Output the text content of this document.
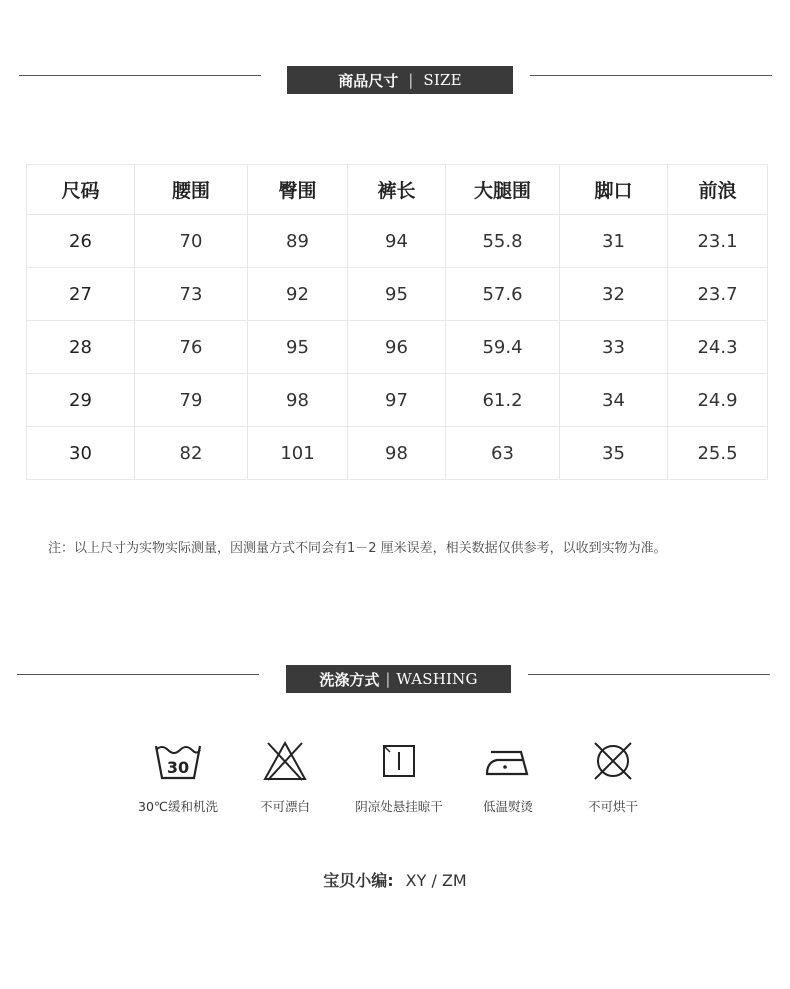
商品尺寸 | SIZE
尺码	腰围	臀围	裤长	大腿围	脚口	前浪
26	70	89	94	55.8	31	23.1
27	73	92	95	57.6	32	23.7
28	76	95	96	59.4	33	24.3
29	79	98	97	61.2	34	24.9
30	82	101	98	63	35	25.5
注：以上尺寸为实物实际测量，因测量方式不同会有1－2 厘米误差，相关数据仅供参考，以收到实物为准。
洗涤方式 | WASHING
30
30℃缓和机洗	不可漂白	阴凉处悬挂晾干	低温熨烫	不可烘干
宝贝小编: XY / ZM
